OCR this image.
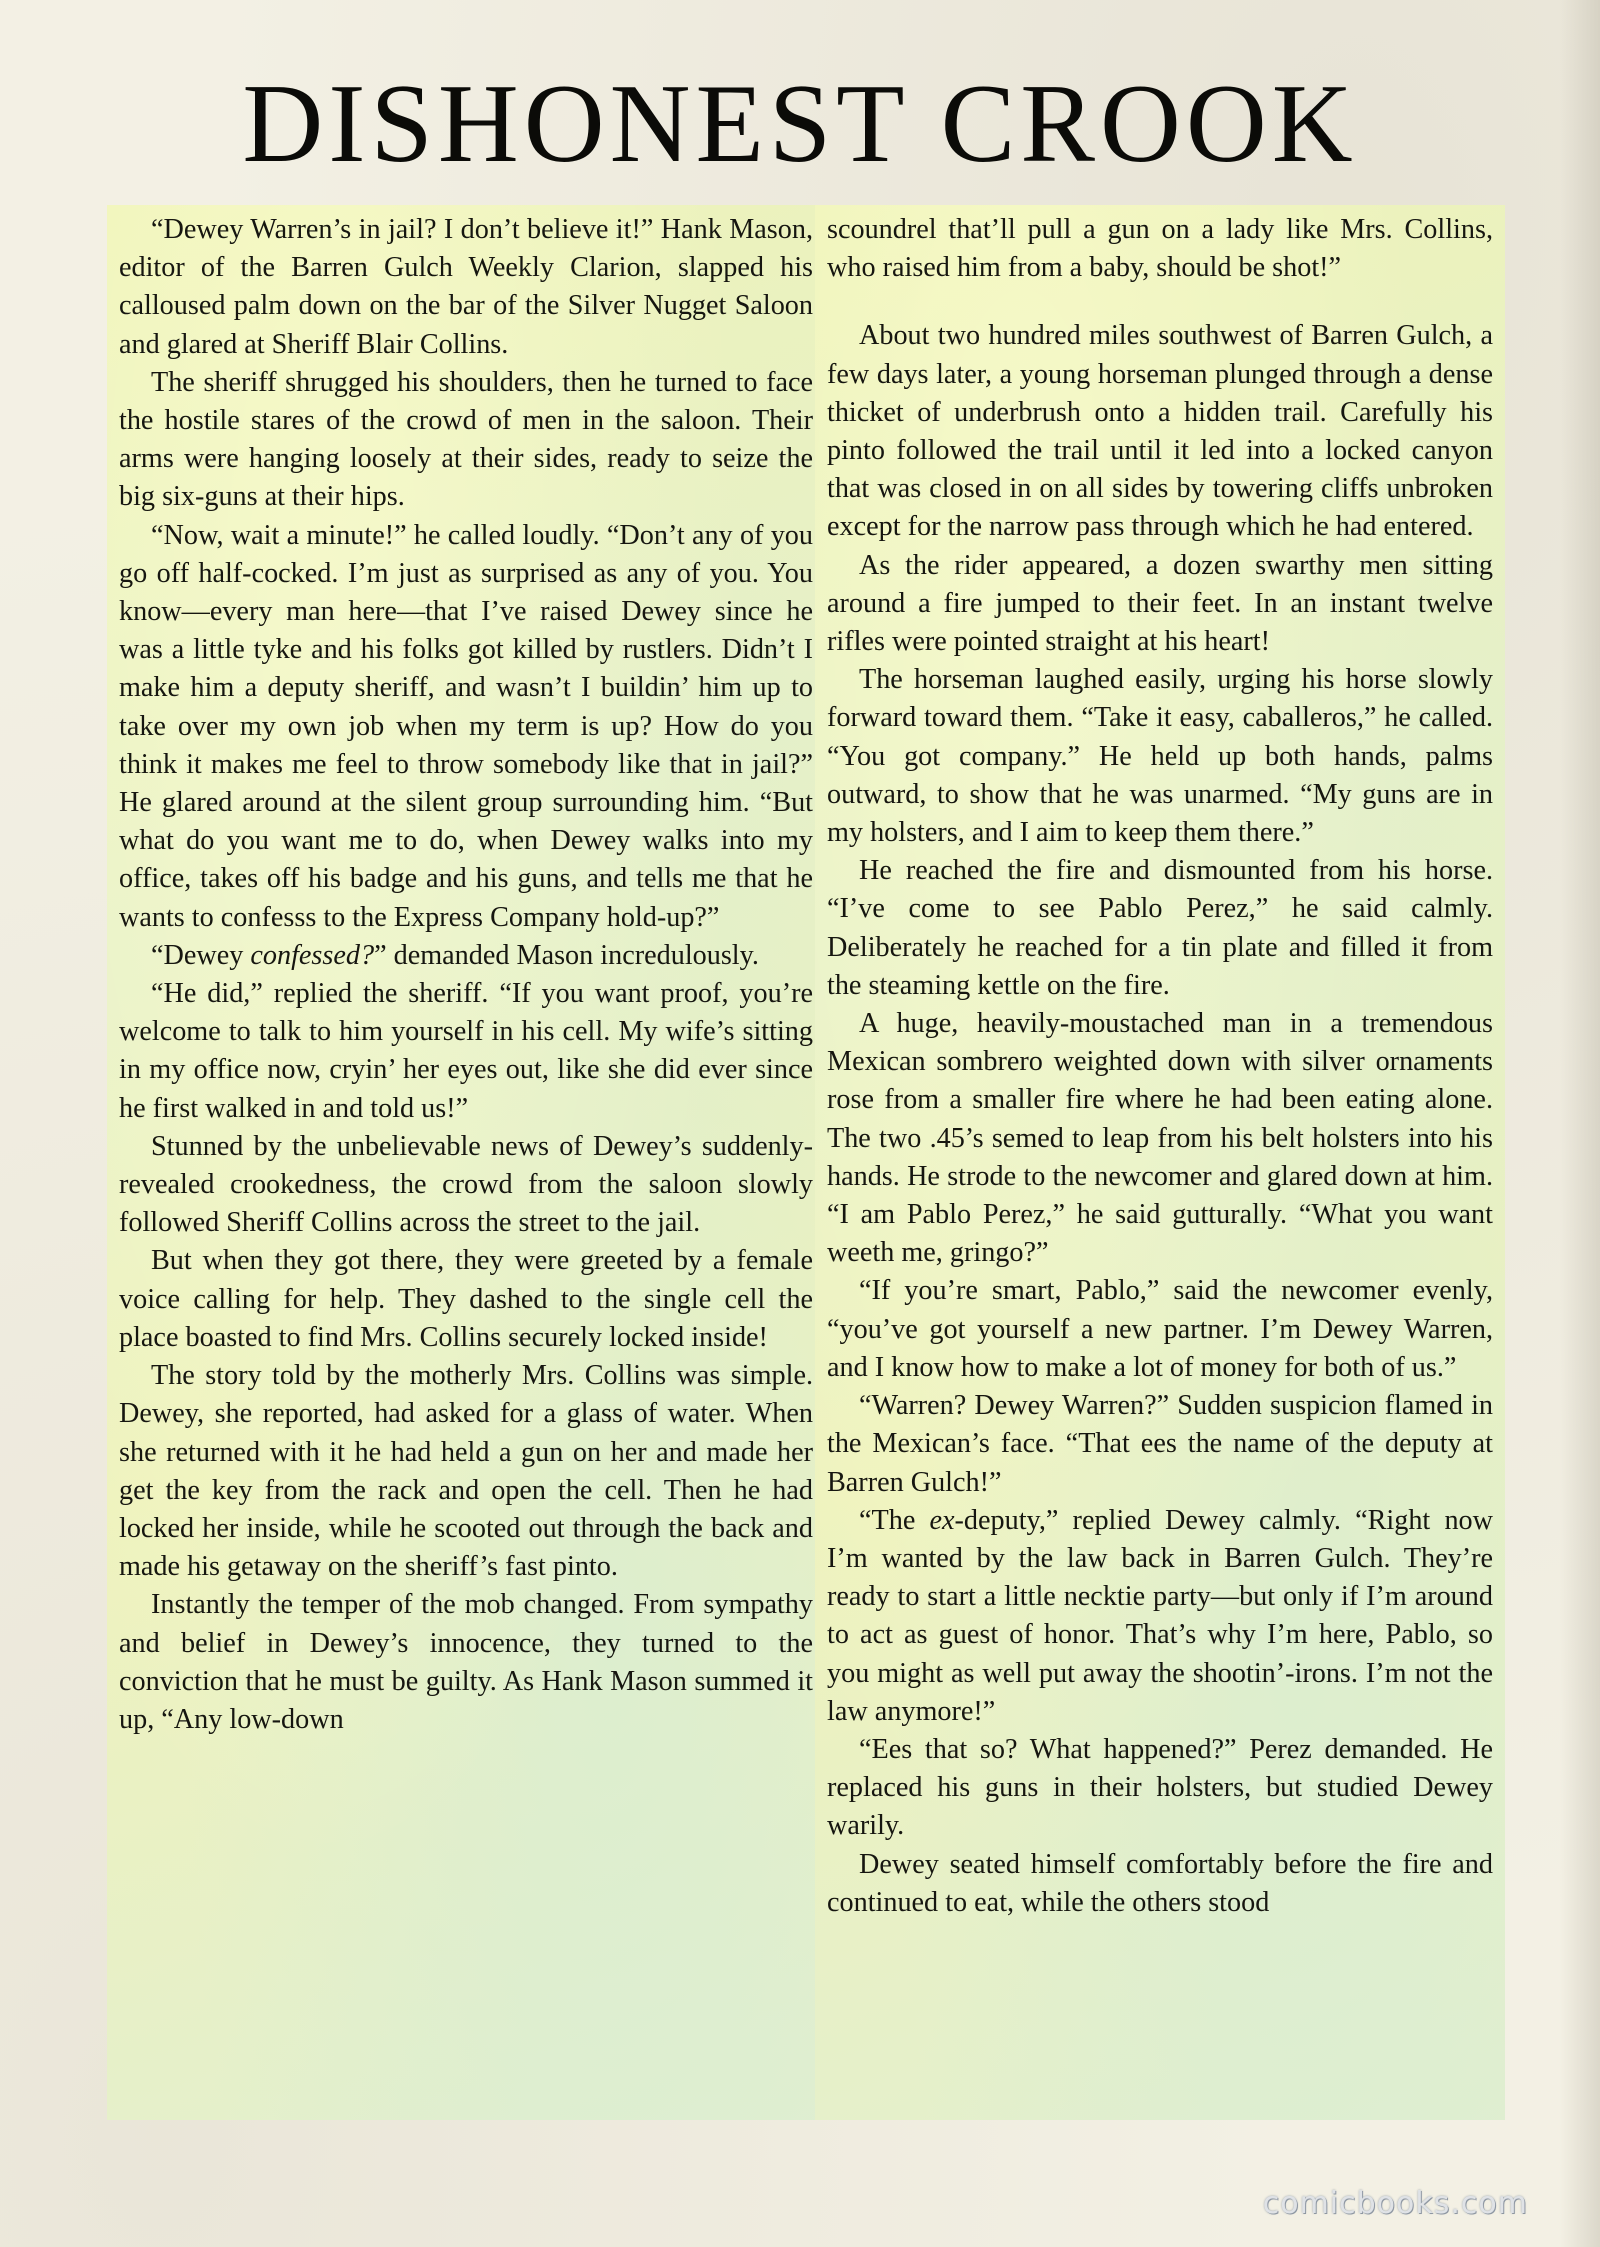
DISHONEST CROOK

“Dewey Warren’s in jail? I don’t believe it!” Hank Mason, editor of the Barren Gulch Weekly Clarion, slapped his calloused palm down on the bar of the Silver Nugget Saloon and glared at Sheriff Blair Collins.

The sheriff shrugged his shoulders, then he turned to face the hostile stares of the crowd of men in the saloon. Their arms were hanging loosely at their sides, ready to seize the big six-guns at their hips.

“Now, wait a minute!” he called loudly. “Don’t any of you go off half-cocked. I’m just as surprised as any of you. You know—every man here—that I’ve raised Dewey since he was a little tyke and his folks got killed by rustlers. Didn’t I make him a deputy sheriff, and wasn’t I buildin’ him up to take over my own job when my term is up? How do you think it makes me feel to throw somebody like that in jail?” He glared around at the silent group surrounding him. “But what do you want me to do, when Dewey walks into my office, takes off his badge and his guns, and tells me that he wants to confesss to the Express Company hold-up?”

“Dewey confessed?” demanded Mason incredulously.

“He did,” replied the sheriff. “If you want proof, you’re welcome to talk to him yourself in his cell. My wife’s sitting in my office now, cryin’ her eyes out, like she did ever since he first walked in and told us!”

Stunned by the unbelievable news of Dewey’s suddenly-revealed crookedness, the crowd from the saloon slowly followed Sheriff Collins across the street to the jail.

But when they got there, they were greeted by a female voice calling for help. They dashed to the single cell the place boasted to find Mrs. Collins securely locked inside!

The story told by the motherly Mrs. Collins was simple. Dewey, she reported, had asked for a glass of water. When she returned with it he had held a gun on her and made her get the key from the rack and open the cell. Then he had locked her inside, while he scooted out through the back and made his getaway on the sheriff’s fast pinto.

Instantly the temper of the mob changed. From sympathy and belief in Dewey’s innocence, they turned to the conviction that he must be guilty. As Hank Mason summed it up, “Any low-down

scoundrel that’ll pull a gun on a lady like Mrs. Collins, who raised him from a baby, should be shot!”

About two hundred miles southwest of Barren Gulch, a few days later, a young horseman plunged through a dense thicket of underbrush onto a hidden trail. Carefully his pinto followed the trail until it led into a locked canyon that was closed in on all sides by towering cliffs unbroken except for the narrow pass through which he had entered.

As the rider appeared, a dozen swarthy men sitting around a fire jumped to their feet. In an instant twelve rifles were pointed straight at his heart!

The horseman laughed easily, urging his horse slowly forward toward them. “Take it easy, caballeros,” he called. “You got company.” He held up both hands, palms outward, to show that he was unarmed. “My guns are in my holsters, and I aim to keep them there.”

He reached the fire and dismounted from his horse. “I’ve come to see Pablo Perez,” he said calmly. Deliberately he reached for a tin plate and filled it from the steaming kettle on the fire.

A huge, heavily-moustached man in a tremendous Mexican sombrero weighted down with silver ornaments rose from a smaller fire where he had been eating alone. The two .45’s semed to leap from his belt holsters into his hands. He strode to the newcomer and glared down at him. “I am Pablo Perez,” he said gutturally. “What you want weeth me, gringo?”

“If you’re smart, Pablo,” said the newcomer evenly, “you’ve got yourself a new partner. I’m Dewey Warren, and I know how to make a lot of money for both of us.”

“Warren? Dewey Warren?” Sudden suspicion flamed in the Mexican’s face. “That ees the name of the deputy at Barren Gulch!”

“The ex-deputy,” replied Dewey calmly. “Right now I’m wanted by the law back in Barren Gulch. They’re ready to start a little necktie party—but only if I’m around to act as guest of honor. That’s why I’m here, Pablo, so you might as well put away the shootin’-irons. I’m not the law anymore!”

“Ees that so? What happened?” Perez demanded. He replaced his guns in their holsters, but studied Dewey warily.

Dewey seated himself comfortably before the fire and continued to eat, while the others stood

comicbooks.com
